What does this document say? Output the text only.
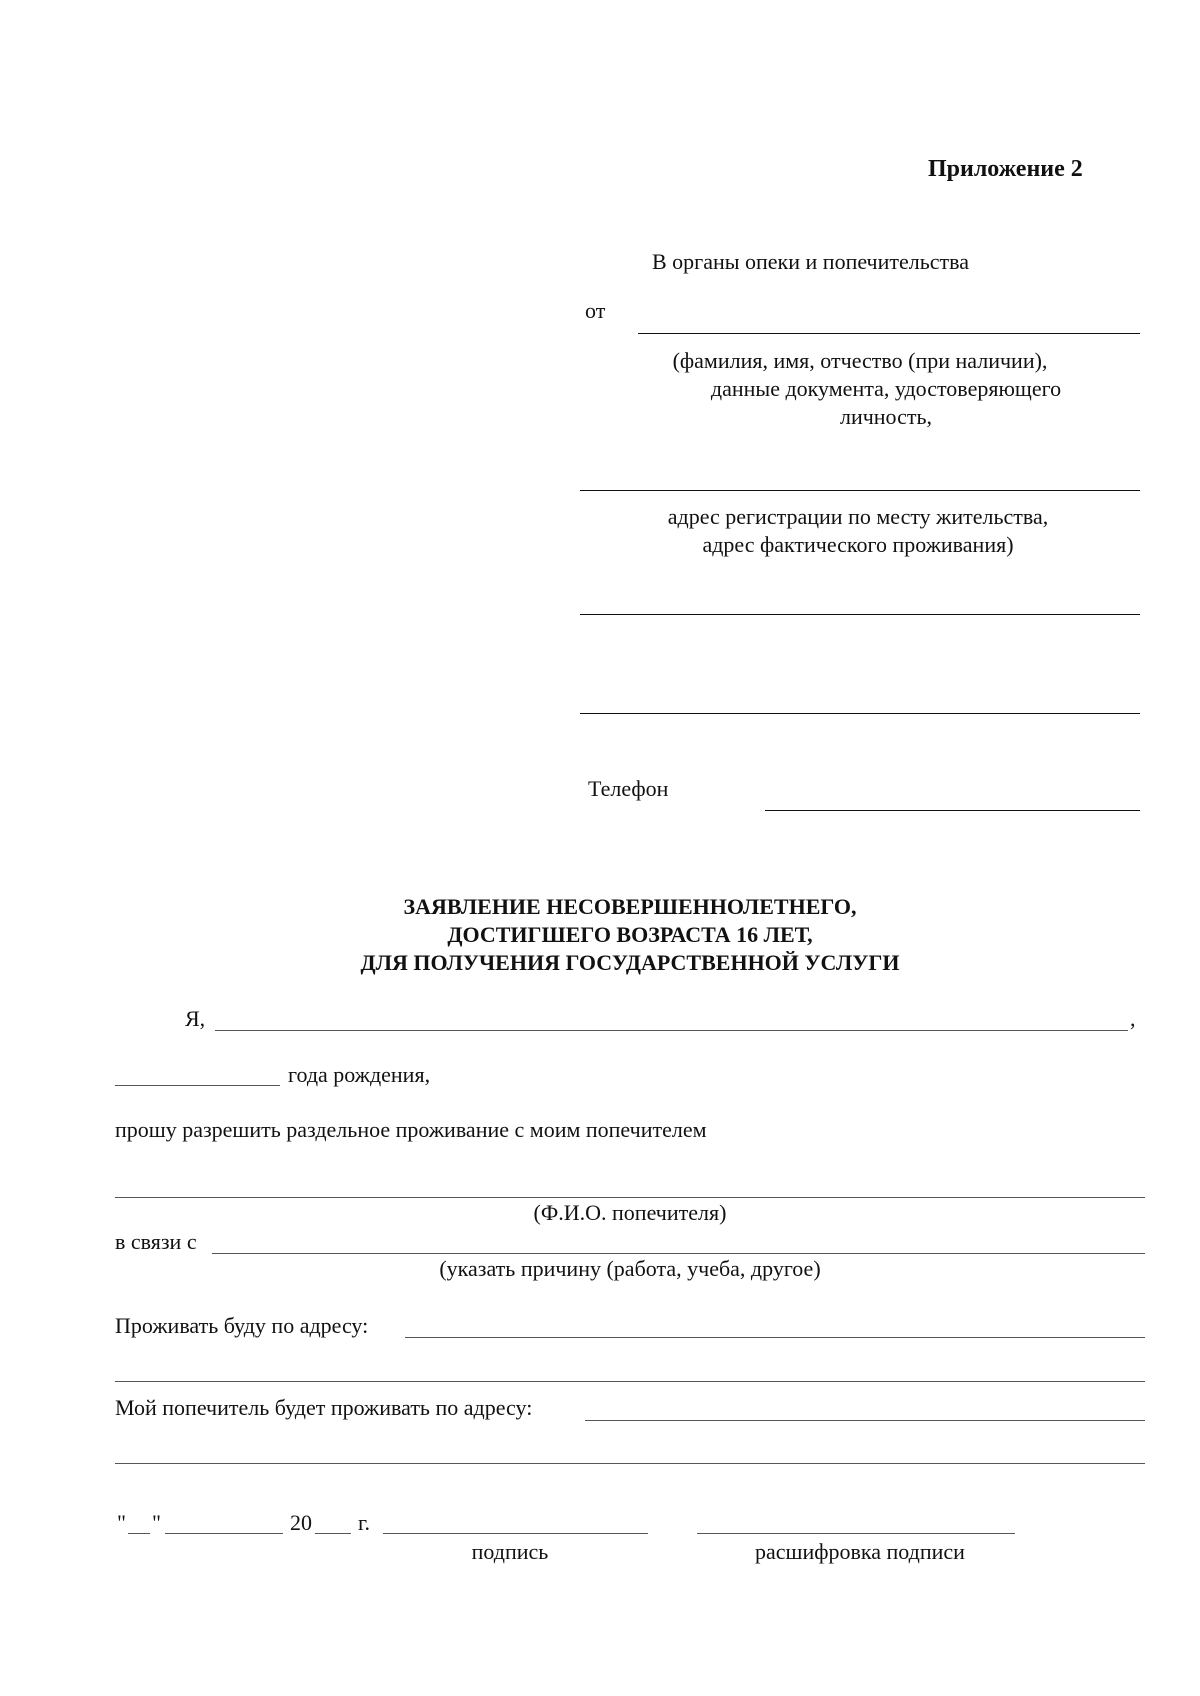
Приложение 2
В органы опеки и попечительства
от
(фамилия, имя, отчество (при наличии),
данные документа, удостоверяющего
личность,
адрес регистрации по месту жительства,
адрес фактического проживания)
Телефон
ЗАЯВЛЕНИЕ НЕСОВЕРШЕННОЛЕТНЕГО,
ДОСТИГШЕГО ВОЗРАСТА 16 ЛЕТ,
ДЛЯ ПОЛУЧЕНИЯ ГОСУДАРСТВЕННОЙ УСЛУГИ
Я,	,
года рождения,
прошу разрешить раздельное проживание с моим попечителем
(Ф.И.О. попечителя)
в связи с
(указать причину (работа, учеба, другое)
Проживать буду по адресу:
Мой попечитель будет проживать по адресу:
" "	20 г.
подпись	расшифровка подписи
